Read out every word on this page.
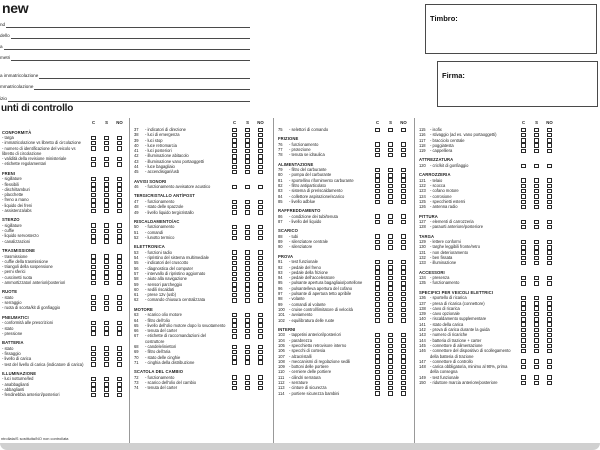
new
nd
dello
a
metri
a immatricolazione
mmatricolazione
izio
Timbro:
Firma:
unti di controllo
C	S	NO
CONFORMITÀ
- targa
- immatricolazione vs libretto di circolazione
- numero di identificazione del veicolo vs libretto di circolazione
- validità della revisione ministeriale
- etichette regolamentari
FRENI
- sigillature
- flessibili
- dischi/tamburi
- placchette
- freno a mano
- liquido dei freni
- assistenza/abs
STERZO
- sigillature
- cuffie
- liquido servosterzo
- canalizzazioni
TRASMISSIONE
- trasmissione
- cuffie della trasmissione
- triangoli della sospensione
- perni sferici
- cuscinetti ruota
- ammortizzatori anteriori/posteriori
RUOTE
- stato
- serraggio
- ruota di scorta/kit di gonfiaggio
PNEUMATICI
- conformità alle prescrizioni
- stato
- pressione
BATTERIA
- stato
- fissaggio
- livello di carica
- test del livello di carica (indicatore di carica)
ILLUMINAZIONE
- luci notturne/led
- anabbaglianti
- abbaglianti
- fendinebbia anteriori/posteriori
C	S	NO
37	- indicatori di direzione
38	- luci di emergenza
39	- luci stop
40	- luce retromarcia
41	- luci posteriori
42	- illuminazione abitacolo
43	- illuminazione vano portaoggetti
44	- luce bagagliaio
45	- accendisigari/usb
AVVISI SONORI
46	- funzionamento avvisatore acustico
TERGICRISTALLO ANT/POST
47	- funzionamento
48	- stato delle spazzole
49	- livello liquido tergicristallo
RISCALDAMENTO/AC
50	- funzionamento
51	- comandi
52	- lunotto termico
ELETTRONICA
53	- funzioni radio
54	- ripristino del sistema multimediale
55	- indicatori del cruscotto
56	- diagnostica del computer
57	- intervallo di ripristino aggiornato
58	- aiuto alla navigazione
59	- sensori parcheggio
60	- sedili riscaldati
61	- prese 12v (usb)
62	- comando chiusura centralizzata
MOTORE
63	- scarico olio motore
64	- filtro dell'olio
65	- livello dell'olio motore dopo lo svuotamento
66	- tenuta del carter
67	- etichette di raccomandazioni del costruttore
68	- candele/iniettori
69	- filtro dell'aria
70	- stato delle cinghie
71	- cinghia della distribuzione
SCATOLA DEL CAMBIO
72	- funzionamento
73	- scarico dell'olio del cambio
74	- tenuta del carter
C	S	NO
75	- selettori di comando
FRIZIONE
76	- funzionamento
77	- protezione
78	- tenuta se idraulica
ALIMENTAZIONE
79	- filtro del carburante
80	- pompa del carburante
81	- sportellino rifornimento carburante
82	- filtro antiparticolato
83	- sistema di preriscaldamento
84	- collettore aspirazione/scarico
85	- livello adblue
RAFFREDDAMENTO
86	- condizione dei tubi/tenuta
87	- livello del liquido
SCARICO
88	- tubi
89	- silenziatore centrale
90	- silenziatore
PROVA
91	- test funzionale
92	- pedale del freno
93	- pedale della frizione
94	- pedale dell'acceleratore
95	- pulsante apertura bagagliaio/portellone
96	- pulsante/leva apertura del cofano
97	- pulsante di apertura tetto apribile
98	- volante
99	- comandi al volante
100	- cruise control/limitatore di velocità
101	- avviamento
102	- equilibratura delle ruote
INTERNI
103	- tappetini anteriori/posteriori
104	- parabrezza
105	- specchietto retrovisore interno
106	- specchi di cortesia
107	- alzacristalli
108	- meccanismi di regolazione sedili
109	- bottoni delle portiere
110	- cerniere delle portiere
111	- cilindri serratura
112	- serrature
113	- cinture di sicurezza
114	- portiere sicurezza bambini
C	S	NO
115	- isofix
116	- stivaggio (ad es. vano portaoggetti)
117	- bracciolo centrale
118	- poggiatesta
119	- cappelliera
ATTREZZATURA
120	- cric/kit di gonfiaggio
CARROZZERIA
121	- telaio
122	- scocca
123	- cofano motore
124	- corrosione
125	- specchietti esterni
126	- antenna radio
PITTURA
127	- elementi di carrozzeria
128	- paraurti anteriore/posteriore
TARGA
129	- lettere conformi
130	- targhe leggibili fronte/retro
131	- non deterioramento
132	- ben fissata
133	- illuminazione
ACCESSORI
134	- presenza
135	- funzionamento
SPECIFICI PER VEICOLI ELETTRICI
136	- sportello di ricarica
137	- presa di ricarica (connettore)
138	- cavo di ricarica
139	- cavo opzionale
140	- riscaldamento supplementare
141	- stato della carica
142	- prova di carica durante la guida
143	- numero di ricariche
144	- batteria di trazione + carter
145	- connettore di alimentazione
146	- connettore del dispositivo di scollegamento della batteria di trazione
147	- connettore di controllo
148	- carica obbligatoria, minimo al 90%, prima della consegna
149	- test funzionale
150	- riduttore marcia anteriore/posteriore
ntrollata/S sostituita/NO non controllata
